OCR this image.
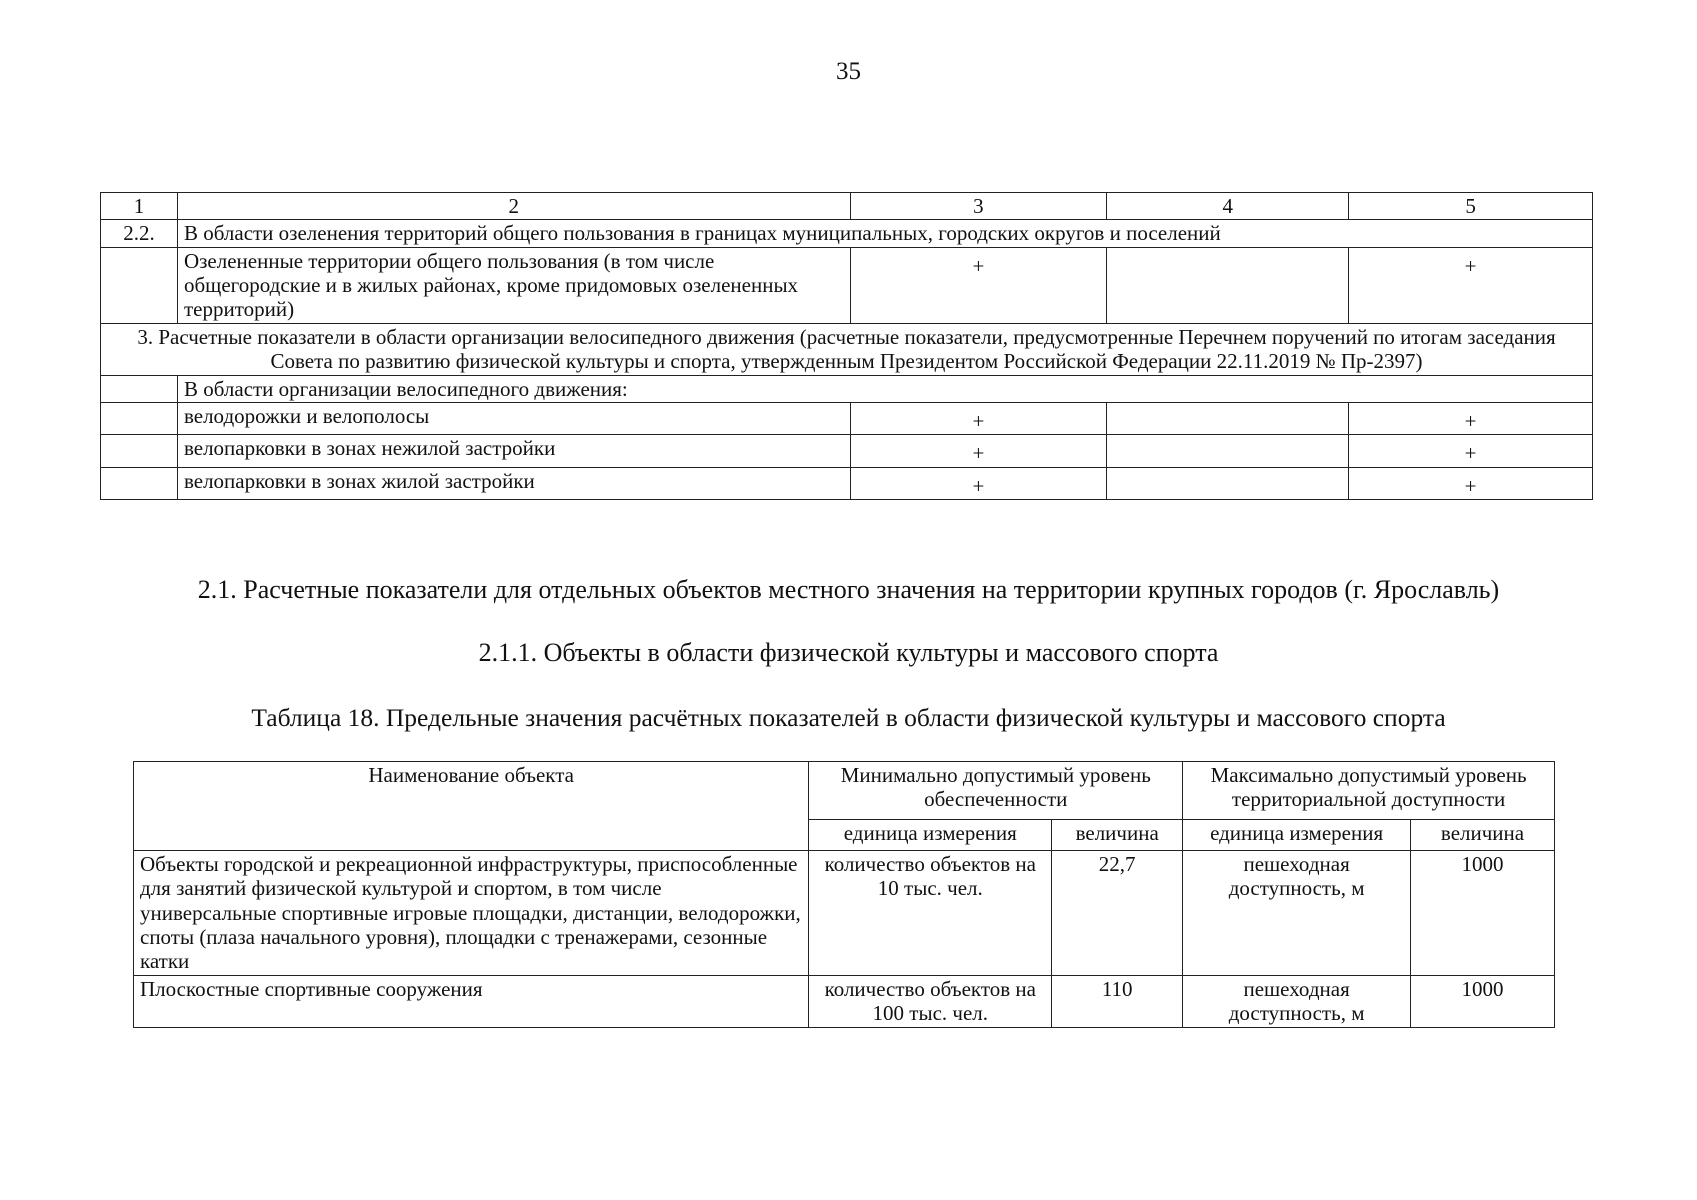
35
1	2	3	4	5
2.2.	В области озеленения территорий общего пользования в границах муниципальных, городских округов и поселений			
	Озелененные территории общего пользования (в том числе общегородские и в жилых районах, кроме придомовых озелененных территорий)	+		+
3. Расчетные показатели в области организации велосипедного движения (расчетные показатели, предусмотренные Перечнем поручений по итогам заседания Совета по развитию физической культуры и спорта, утвержденным Президентом Российской Федерации 22.11.2019 № Пр-2397)				
	В области организации велосипедного движения:			
	велодорожки и велополосы	+		+
	велопарковки в зонах нежилой застройки	+		+
	велопарковки в зонах жилой застройки	+		+
2.1. Расчетные показатели для отдельных объектов местного значения на территории крупных городов (г. Ярославль)
2.1.1. Объекты в области физической культуры и массового спорта
Таблица 18. Предельные значения расчётных показателей в области физической культуры и массового спорта
Наименование объекта	Минимально допустимый уровень обеспеченности		Максимально допустимый уровень территориальной доступности	
	единица измерения	величина	единица измерения	величина
Объекты городской и рекреационной инфраструктуры, приспособленные для занятий физической культурой и спортом, в том числе универсальные спортивные игровые площадки, дистанции, велодорожки, споты (плаза начального уровня), площадки с тренажерами, сезонные катки	количество объектов на 10 тыс. чел.	22,7	пешеходная доступность, м	1000
Плоскостные спортивные сооружения	количество объектов на 100 тыс. чел.	110	пешеходная доступность, м	1000
